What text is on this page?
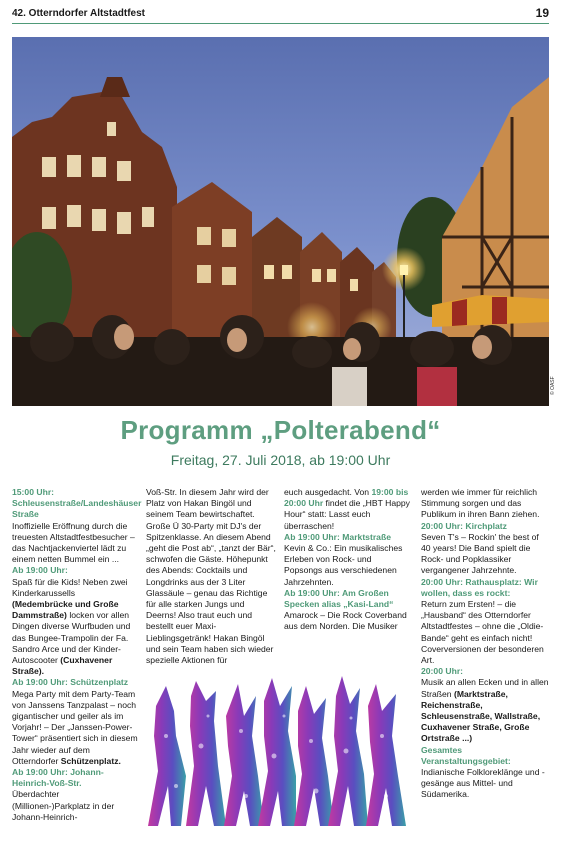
42. Otterndorfer Altstadtfest	19
© OASF
Programm „Polterabend“
Freitag, 27. Juli 2018, ab 19:00 Uhr

15:00 Uhr: Schleusenstraße/Landeshäuser Straße

Inoffizielle Eröffnung durch die treuesten Altstadtfestbesucher – das Nachtjackenviertel lädt zu einem netten Bummel ein ...

Ab 19:00 Uhr:

Spaß für die Kids! Neben zwei Kinderkarussells (Medembrücke und Große Dammstraße) locken vor allen Dingen diverse Wurfbuden und das Bungee-Trampolin der Fa. Sandro Arce und der Kinder-Autoscooter (Cuxhavener Straße).

Ab 19:00 Uhr: Schützenplatz

Mega Party mit dem Party-Team von Janssens Tanzpalast – noch gigantischer und geiler als im Vorjahr! – Der „Janssen-Power-Tower“ präsentiert sich in diesem Jahr wieder auf dem Otterndorfer Schützenplatz.

Ab 19:00 Uhr: Johann-Heinrich-Voß-Str.

Überdachter (Millionen-)Parkplatz in der Johann-Heinrich-

Voß-Str. In diesem Jahr wird der Platz von Hakan Bingöl und seinem Team bewirtschaftet. Große Ü 30-Party mit DJ's der Spitzenklasse. An diesem Abend „geht die Post ab“, „tanzt der Bär“, schwofen die Gäste. Höhepunkt des Abends: Cocktails und Longdrinks aus der 3 Liter Glassäule – genau das Richtige für alle starken Jungs und Deerns! Also traut euch und bestellt euer Maxi-Lieblingsgetränk! Hakan Bingöl und sein Team haben sich wieder spezielle Aktionen für

euch ausgedacht. Von 19:00 bis 20:00 Uhr findet die „HBT Happy Hour“ statt: Lasst euch überraschen!

Ab 19:00 Uhr: Marktstraße

Kevin & Co.: Ein musikalisches Erleben von Rock- und Popsongs aus verschiedenen Jahrzehnten.

Ab 19:00 Uhr: Am Großen Specken alias „Kasi-Land“

Amarock – Die Rock Coverband aus dem Norden. Die Musiker

werden wie immer für reichlich Stimmung sorgen und das Publikum in ihren Bann ziehen.

20:00 Uhr: Kirchplatz

Seven T's – Rockin' the best of 40 years! Die Band spielt die Rock- und Popklassiker vergangener Jahrzehnte.

20:00 Uhr: Rathausplatz: Wir wollen, dass es rockt:

Return zum Ersten! – die „Hausband“ des Otterndorfer Altstadtfestes – ohne die „Oldie-Bande“ geht es einfach nicht! Coverversionen der besonderen Art.

20:00 Uhr:

Musik an allen Ecken und in allen Straßen (Marktstraße, Reichenstraße, Schleusenstraße, Wallstraße, Cuxhavener Straße, Große Ortstraße ...)

Gesamtes Veranstaltungsgebiet:

Indianische Folkloreklänge und -gesänge aus Mittel- und Südamerika.
